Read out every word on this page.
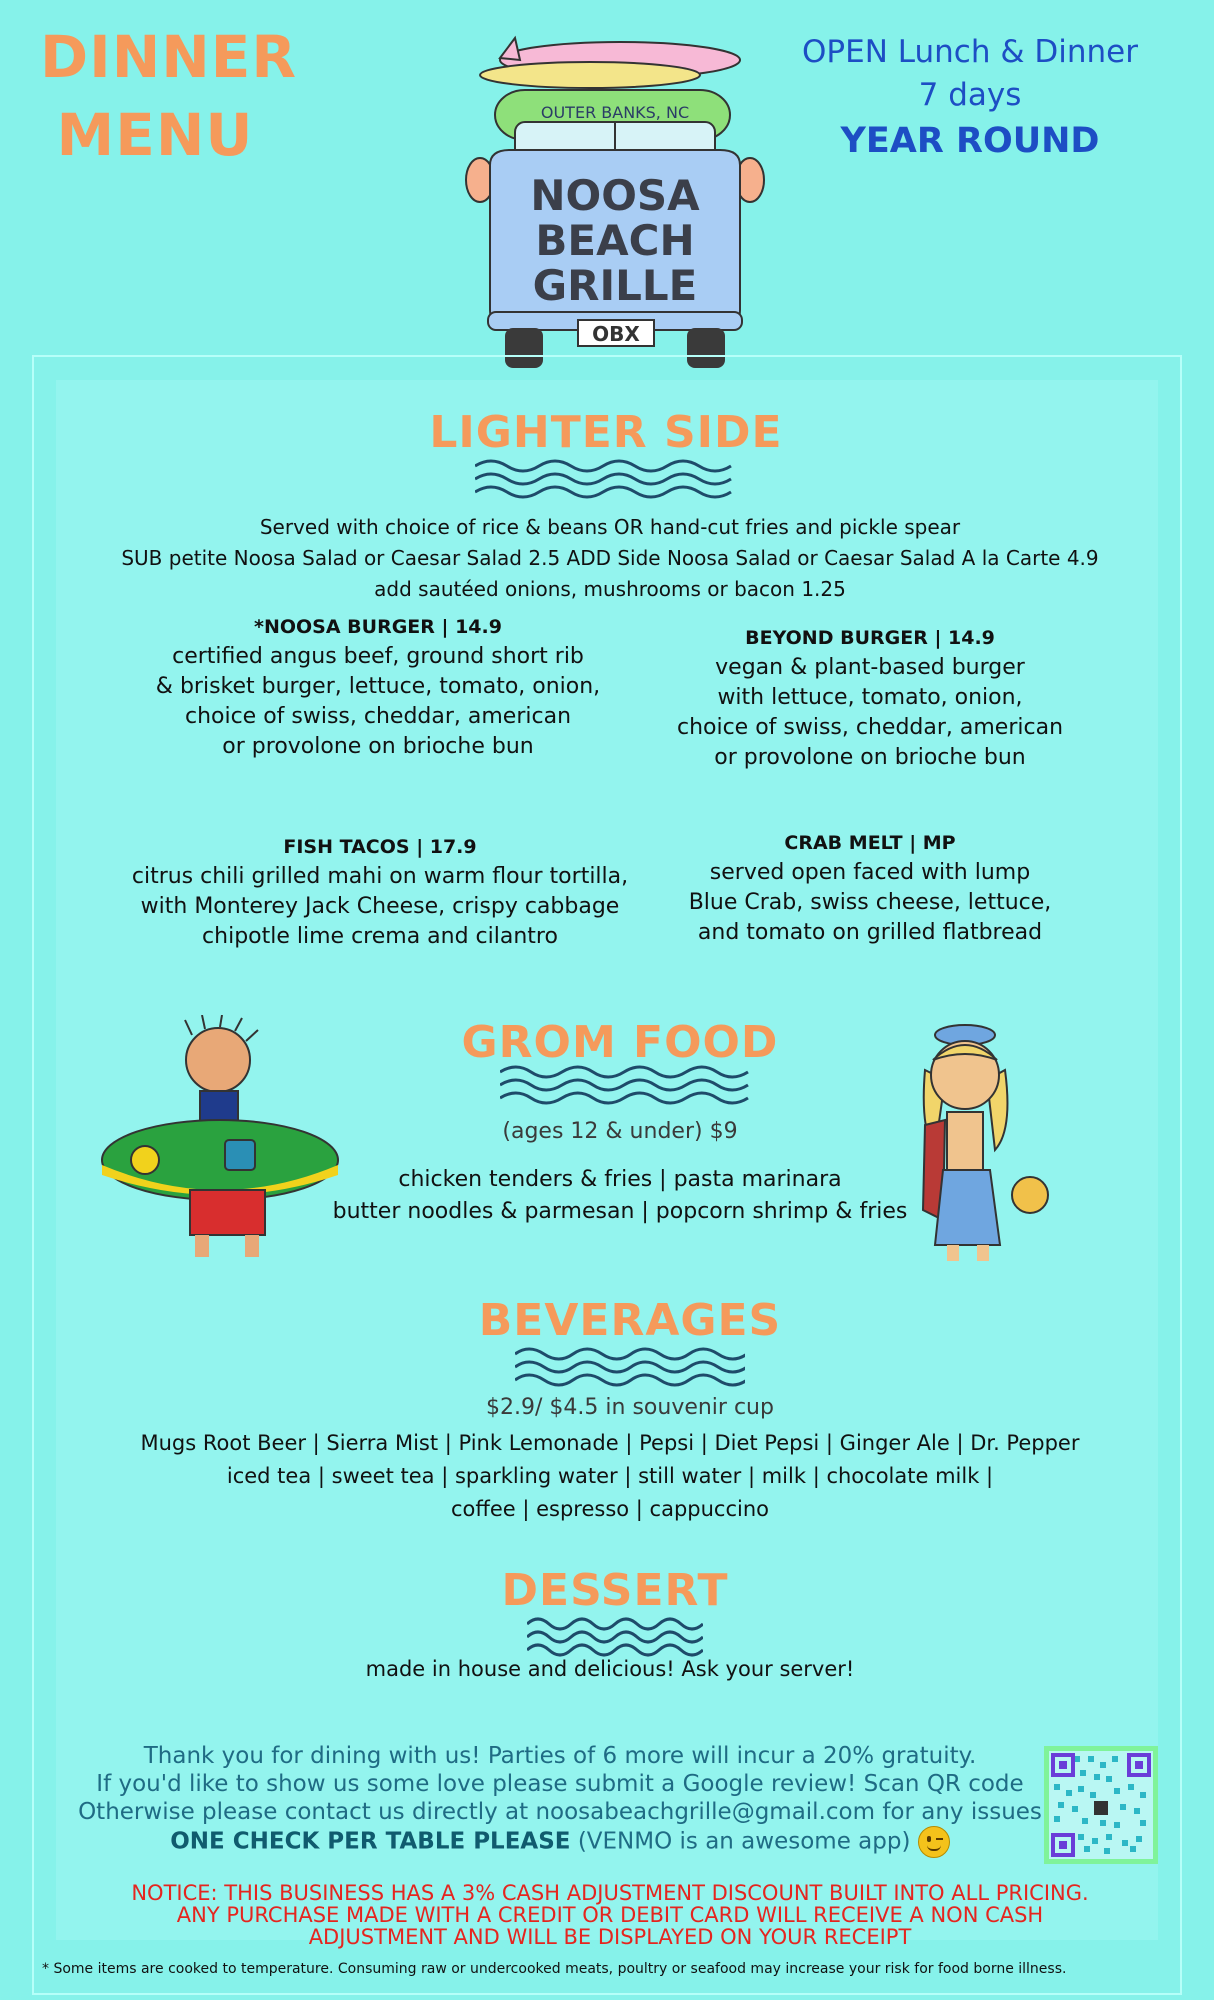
DINNER
MENU
OPEN Lunch & Dinner
7 days
YEAR ROUND
OBX
OUTER BANKS, NC
NOOSA
BEACH
GRILLE
LIGHTER SIDE
Served with choice of rice & beans OR hand-cut fries and pickle spear
SUB petite Noosa Salad or Caesar Salad 2.5 ADD Side Noosa Salad or Caesar Salad A la Carte 4.9
add sautéed onions, mushrooms or bacon 1.25
*NOOSA BURGER | 14.9
certified angus beef, ground short rib
& brisket burger, lettuce, tomato, onion,
choice of swiss, cheddar, american
or provolone on brioche bun
BEYOND BURGER | 14.9
vegan & plant-based burger
with lettuce, tomato, onion,
choice of swiss, cheddar, american
or provolone on brioche bun
FISH TACOS | 17.9
citrus chili grilled mahi on warm flour tortilla,
with Monterey Jack Cheese, crispy cabbage
chipotle lime crema and cilantro
CRAB MELT | MP
served open faced with lump
Blue Crab, swiss cheese, lettuce,
and tomato on grilled flatbread
GROM FOOD
(ages 12 & under) $9
chicken tenders & fries | pasta marinara
butter noodles & parmesan | popcorn shrimp & fries
BEVERAGES
$2.9/ $4.5 in souvenir cup
Mugs Root Beer | Sierra Mist | Pink Lemonade | Pepsi | Diet Pepsi | Ginger Ale | Dr. Pepper
iced tea | sweet tea | sparkling water | still water | milk | chocolate milk |
coffee | espresso | cappuccino
DESSERT
made in house and delicious! Ask your server!
Thank you for dining with us! Parties of 6 more will incur a 20% gratuity.
If you'd like to show us some love please submit a Google review! Scan QR code
Otherwise please contact us directly at noosabeachgrille@gmail.com for any issues
ONE CHECK PER TABLE PLEASE (VENMO is an awesome app)
NOTICE: THIS BUSINESS HAS A 3% CASH ADJUSTMENT DISCOUNT BUILT INTO ALL PRICING.
ANY PURCHASE MADE WITH A CREDIT OR DEBIT CARD WILL RECEIVE A NON CASH
ADJUSTMENT AND WILL BE DISPLAYED ON YOUR RECEIPT
* Some items are cooked to temperature. Consuming raw or undercooked meats, poultry or seafood may increase your risk for food borne illness.
